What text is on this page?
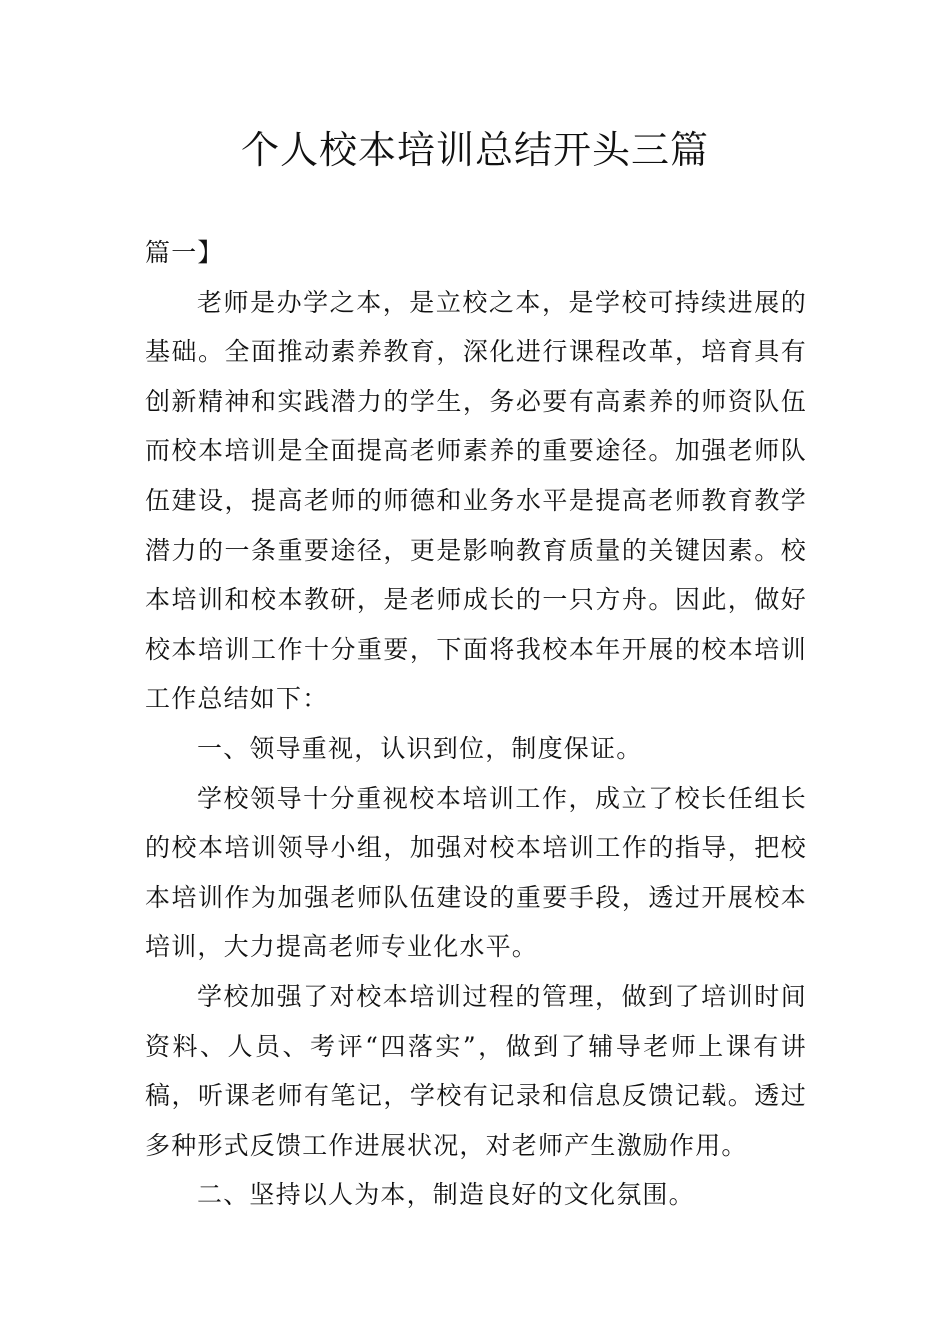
个人校本培训总结开头三篇

篇一】

老师是办学之本，是立校之本，是学校可持续进展的基础。全面推动素养教育，深化进行课程改革，培育具有创新精神和实践潜力的学生，务必要有高素养的师资队伍而校本培训是全面提高老师素养的重要途径。加强老师队伍建设，提高老师的师德和业务水平是提高老师教育教学潜力的一条重要途径，更是影响教育质量的关键因素。校本培训和校本教研，是老师成长的一只方舟。因此，做好校本培训工作十分重要，下面将我校本年开展的校本培训工作总结如下：

一、领导重视，认识到位，制度保证。

学校领导十分重视校本培训工作，成立了校长任组长的校本培训领导小组，加强对校本培训工作的指导，把校本培训作为加强老师队伍建设的重要手段，透过开展校本培训，大力提高老师专业化水平。

学校加强了对校本培训过程的管理，做到了培训时间资料、人员、考评“四落实”，做到了辅导老师上课有讲稿，听课老师有笔记，学校有记录和信息反馈记载。透过多种形式反馈工作进展状况，对老师产生激励作用。

二、坚持以人为本，制造良好的文化氛围。
